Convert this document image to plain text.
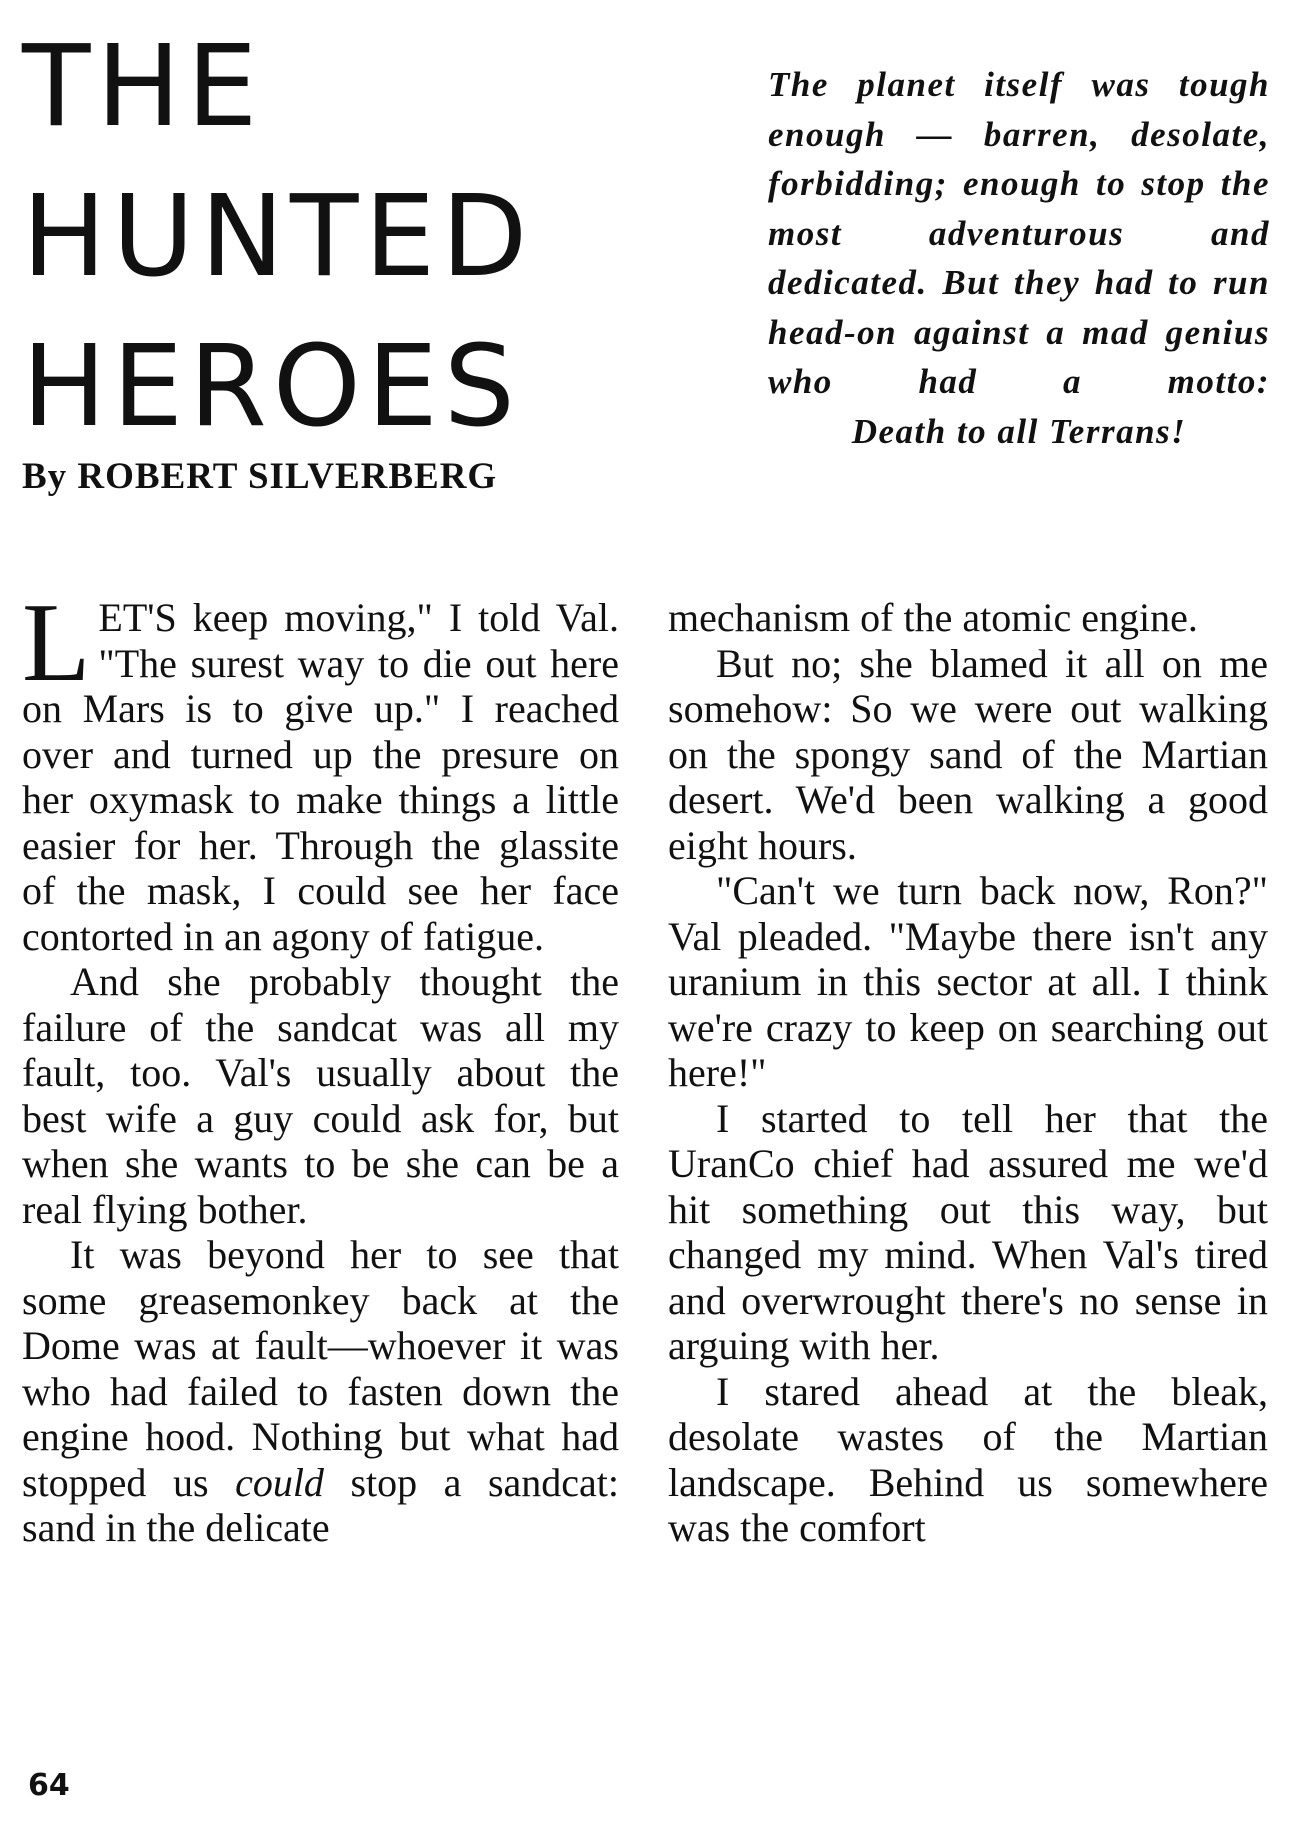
THE
HUNTED
HEROES
By ROBERT SILVERBERG
The planet itself was tough enough — barren, desolate, forbidding; enough to stop the most adventurous and dedicated. But they had to run head-on against a mad genius who had a motto:
Death to all Terrans!

LET'S keep moving," I told Val. "The surest way to die out here on Mars is to give up." I reached over and turned up the presure on her oxymask to make things a little easier for her. Through the glassite of the mask, I could see her face contorted in an agony of fatigue.

And she probably thought the failure of the sandcat was all my fault, too. Val's usually about the best wife a guy could ask for, but when she wants to be she can be a real flying bother.

It was beyond her to see that some greasemonkey back at the Dome was at fault—whoever it was who had failed to fasten down the engine hood. Nothing but what had stopped us could stop a sandcat: sand in the delicate

mechanism of the atomic engine.

But no; she blamed it all on me somehow: So we were out walking on the spongy sand of the Martian desert. We'd been walking a good eight hours.

"Can't we turn back now, Ron?" Val pleaded. "Maybe there isn't any uranium in this sector at all. I think we're crazy to keep on searching out here!"

I started to tell her that the UranCo chief had assured me we'd hit something out this way, but changed my mind. When Val's tired and overwrought there's no sense in arguing with her.

I stared ahead at the bleak, desolate wastes of the Martian landscape. Behind us somewhere was the comfort

64
